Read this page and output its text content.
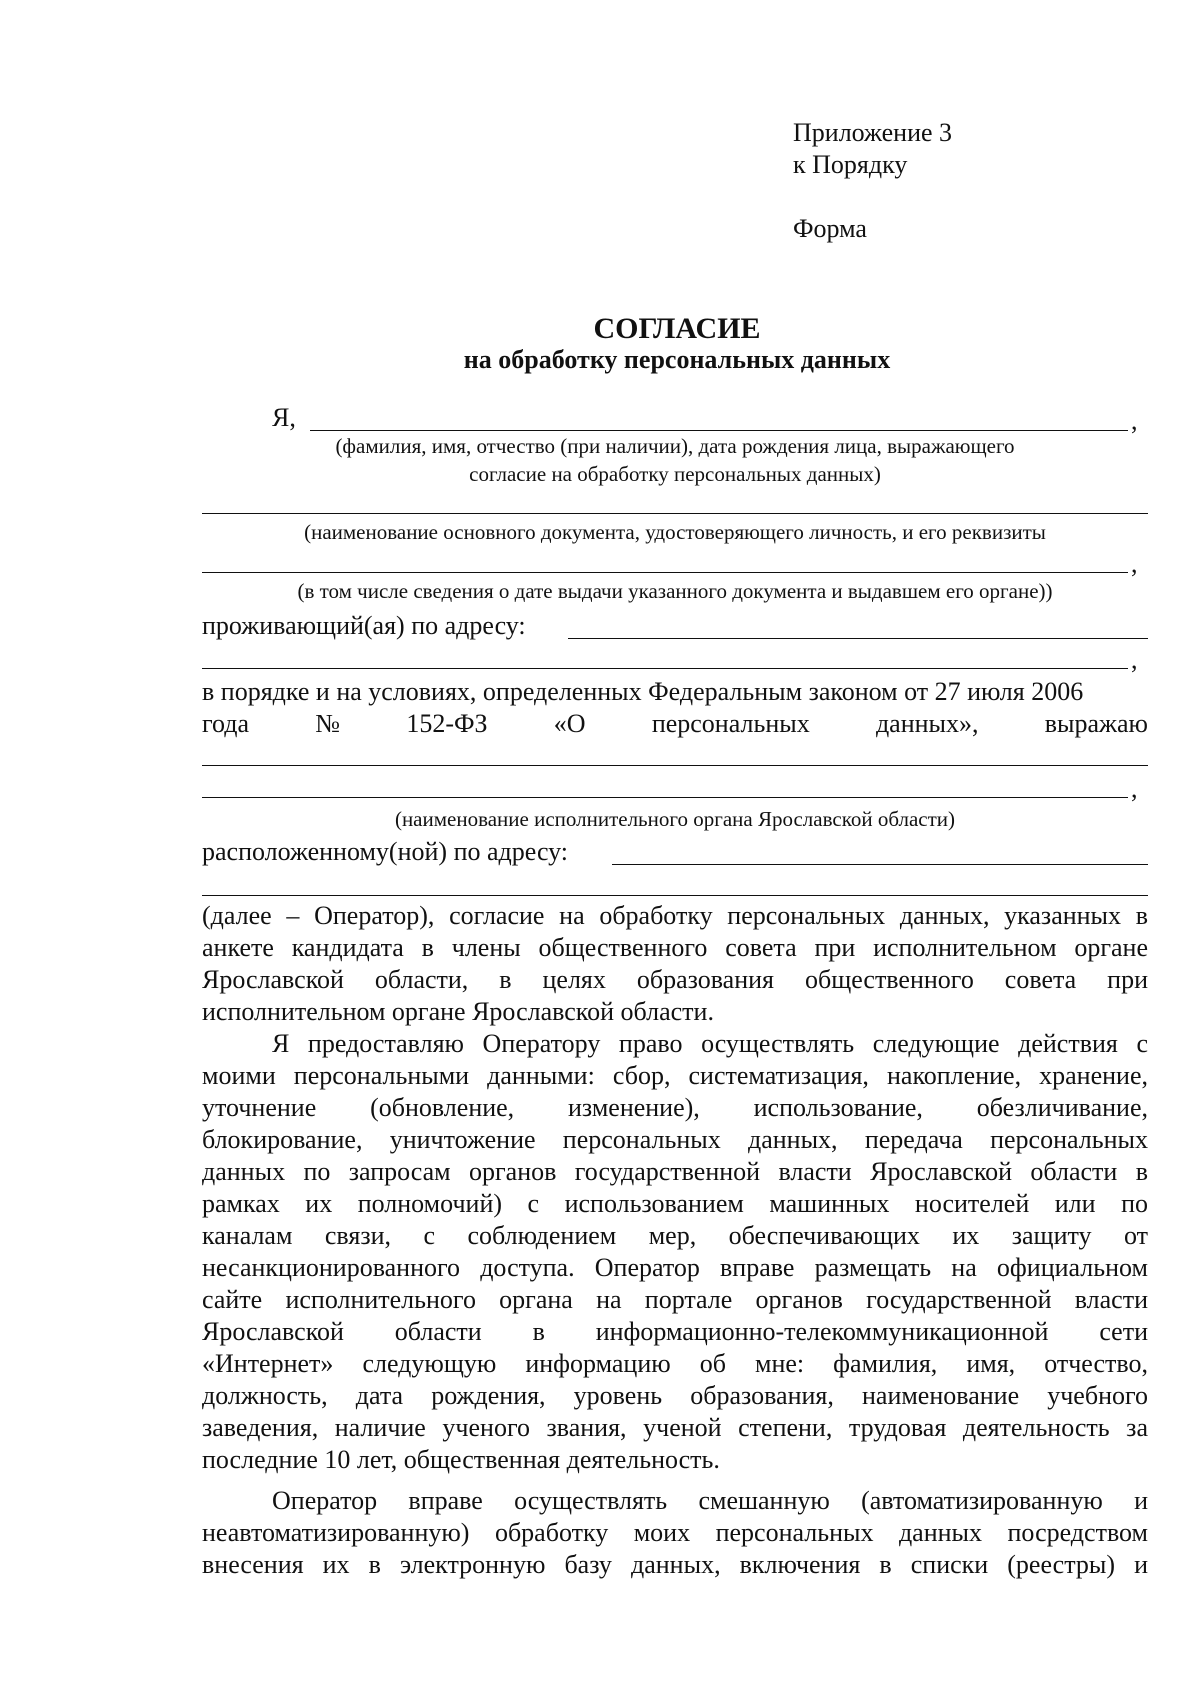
Приложение 3
к Порядку
Форма
СОГЛАСИЕ
на обработку персональных данных
Я,	,
(фамилия, имя, отчество (при наличии), дата рождения лица, выражающего
согласие на обработку персональных данных)
(наименование основного документа, удостоверяющего личность, и его реквизиты
,
(в том числе сведения о дате выдачи указанного документа и выдавшем его органе))
проживающий(ая) по адресу:
,
в порядке и на условиях, определенных Федеральным законом от 27 июля 2006
года	№	152-ФЗ	«О	персональных	данных»,	выражаю
,
(наименование исполнительного органа Ярославской области)
расположенному(ной) по адресу:
(далее – Оператор), согласие на обработку персональных данных, указанных в
анкете кандидата в члены общественного совета при исполнительном органе
Ярославской области, в целях образования общественного совета при
исполнительном органе Ярославской области.
Я предоставляю Оператору право осуществлять следующие действия с
моими персональными данными: сбор, систематизация, накопление, хранение,
уточнение (обновление, изменение), использование, обезличивание,
блокирование, уничтожение персональных данных, передача персональных
данных по запросам органов государственной власти Ярославской области в
рамках их полномочий) с использованием машинных носителей или по
каналам связи, с соблюдением мер, обеспечивающих их защиту от
несанкционированного доступа. Оператор вправе размещать на официальном
сайте исполнительного органа на портале органов государственной власти
Ярославской области в информационно-телекоммуникационной сети
«Интернет» следующую информацию об мне: фамилия, имя, отчество,
должность, дата рождения, уровень образования, наименование учебного
заведения, наличие ученого звания, ученой степени, трудовая деятельность за
последние 10 лет, общественная деятельность.
Оператор вправе осуществлять смешанную (автоматизированную и
неавтоматизированную) обработку моих персональных данных посредством
внесения их в электронную базу данных, включения в списки (реестры) и
